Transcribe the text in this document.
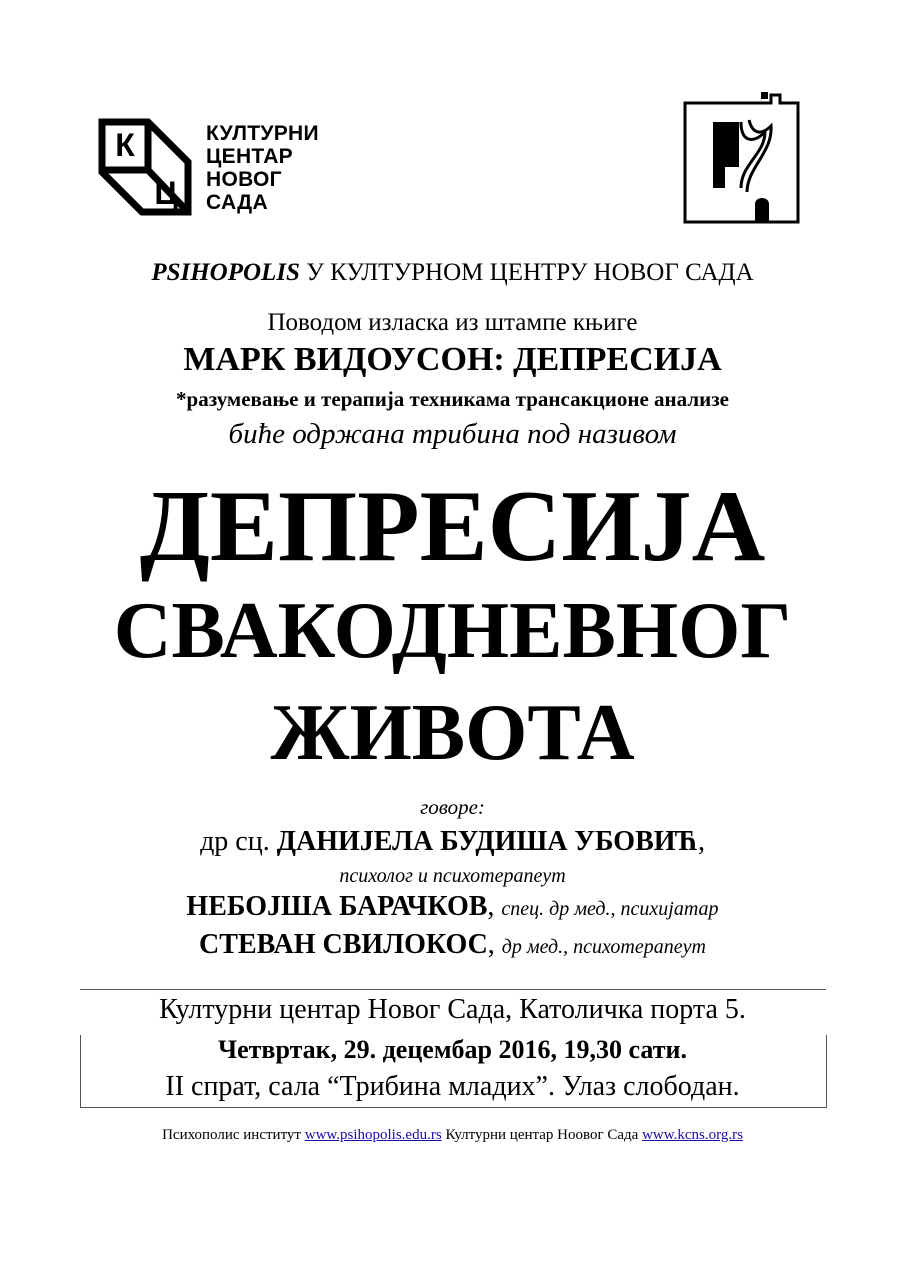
К
Ц
КУЛТУРНИ
ЦЕНТАР
НОВОГ
САДА
PSIHOPOLIS У КУЛТУРНОМ ЦЕНТРУ НОВОГ САДА
Поводом изласка из штампе књиге
МАРК ВИДОУСОН: ДЕПРЕСИЈА
*разумевање и терапија техникама трансакционе анализе
биће одржана трибина под називом
ДЕПРЕСИЈА
СВАКОДНЕВНОГ
ЖИВОТА
говоре:
др сц. ДАНИЈЕЛА БУДИША УБОВИЋ,
психолог и психотерапеут
НЕБОЈША БАРАЧКОВ, спец. др мед., психијатар
СТЕВАН СВИЛОКОС, др мед., психотерапеут
Културни центар Новог Сада, Католичка порта 5.
Четвртак, 29. децембар 2016, 19,30 сати.
II спрат, сала “Трибина младих”. Улаз слободан.
Психополис институт www.psihopolis.edu.rs Културни центар Ноовог Сада www.kcns.org.rs
